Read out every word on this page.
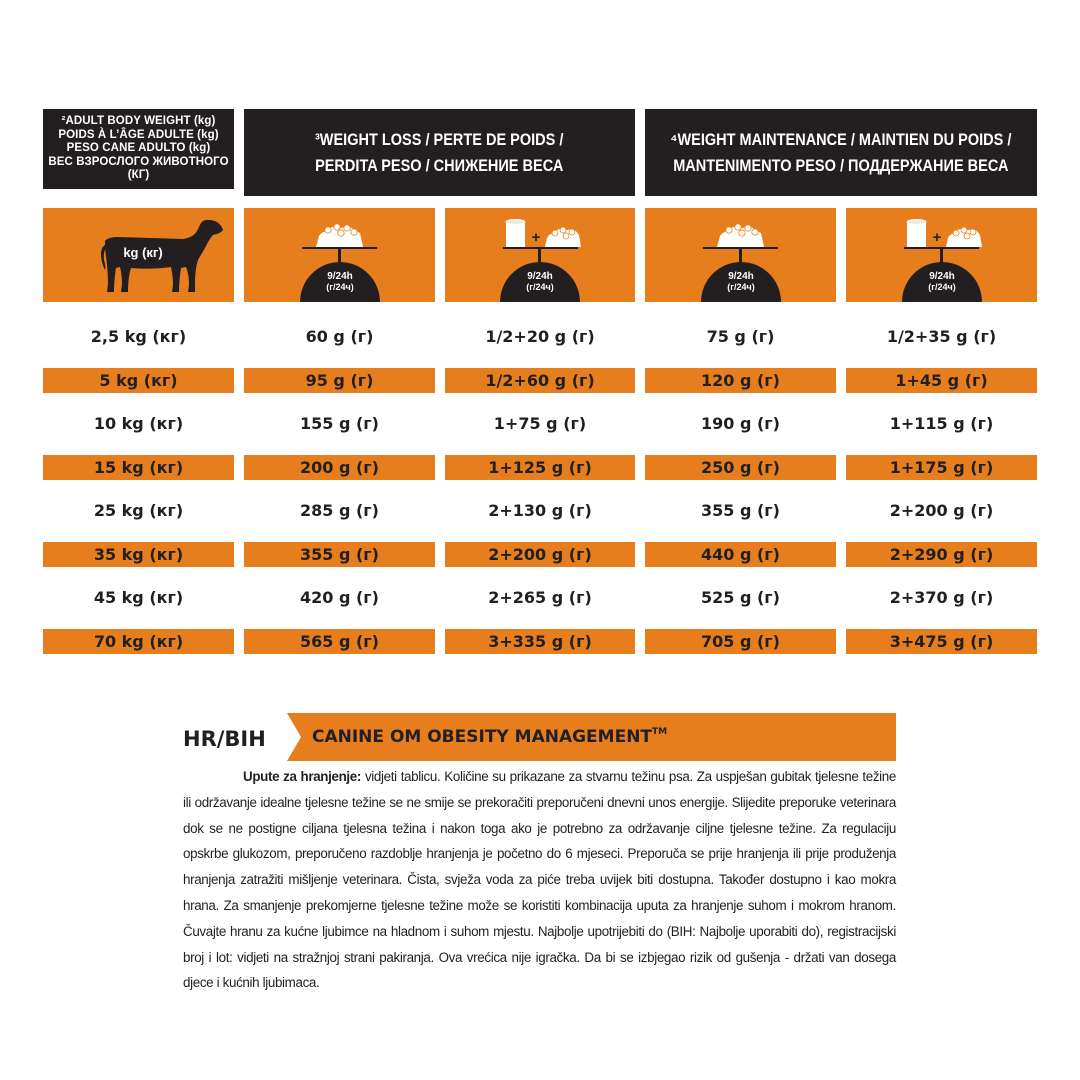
²ADULT BODY WEIGHT (kg)
POIDS À L’ÂGE ADULTE (kg)
PESO CANE ADULTO (kg)
ВЕС ВЗРОСЛОГО ЖИВОТНОГО (КГ)
³WEIGHT LOSS / PERTE DE POIDS /
PERDITA PESO / СНИЖЕНИЕ ВЕСА
⁴WEIGHT MAINTENANCE / MAINTIEN DU POIDS /
MANTENIMENTO PESO / ПОДДЕРЖАНИЕ ВЕСА
kg (кг)
9/24h
(г/24ч)
+
9/24h
(г/24ч)
9/24h
(г/24ч)
+
9/24h
(г/24ч)
2,5 kg (кг)	60 g (г)	1/2+20 g (г)	75 g (г)	1/2+35 g (г)
5 kg (кг)	95 g (г)	1/2+60 g (г)	120 g (г)	1+45 g (г)
10 kg (кг)	155 g (г)	1+75 g (г)	190 g (г)	1+115 g (г)
15 kg (кг)	200 g (г)	1+125 g (г)	250 g (г)	1+175 g (г)
25 kg (кг)	285 g (г)	2+130 g (г)	355 g (г)	2+200 g (г)
35 kg (кг)	355 g (г)	2+200 g (г)	440 g (г)	2+290 g (г)
45 kg (кг)	420 g (г)	2+265 g (г)	525 g (г)	2+370 g (г)
70 kg (кг)	565 g (г)	3+335 g (г)	705 g (г)	3+475 g (г)
HR/BIH	CANINE OM OBESITY MANAGEMENT™
Upute za hranjenje: vidjeti tablicu. Količine su prikazane za stvarnu težinu psa. Za uspješan gubitak tjelesne težine ili održavanje idealne tjelesne težine se ne smije se prekoračiti preporučeni dnevni unos energije. Slijedite preporuke veterinara dok se ne postigne ciljana tjelesna težina i nakon toga ako je potrebno za održavanje ciljne tjelesne težine. Za regulaciju opskrbe glukozom, preporučeno razdoblje hranjenja je početno do 6 mjeseci. Preporuča se prije hranjenja ili prije produženja hranjenja zatražiti mišljenje veterinara. Čista, svježa voda za piće treba uvijek biti dostupna. Također dostupno i kao mokra hrana. Za smanjenje prekomjerne tjelesne težine može se koristiti kombinacija uputa za hranjenje suhom i mokrom hranom. Čuvajte hranu za kućne ljubimce na hladnom i suhom mjestu. Najbolje upotrijebiti do (BIH: Najbolje uporabiti do), registracijski broj i lot: vidjeti na stražnjoj strani pakiranja. Ova vrećica nije igračka. Da bi se izbjegao rizik od gušenja - držati van dosega djece i kućnih ljubimaca.
